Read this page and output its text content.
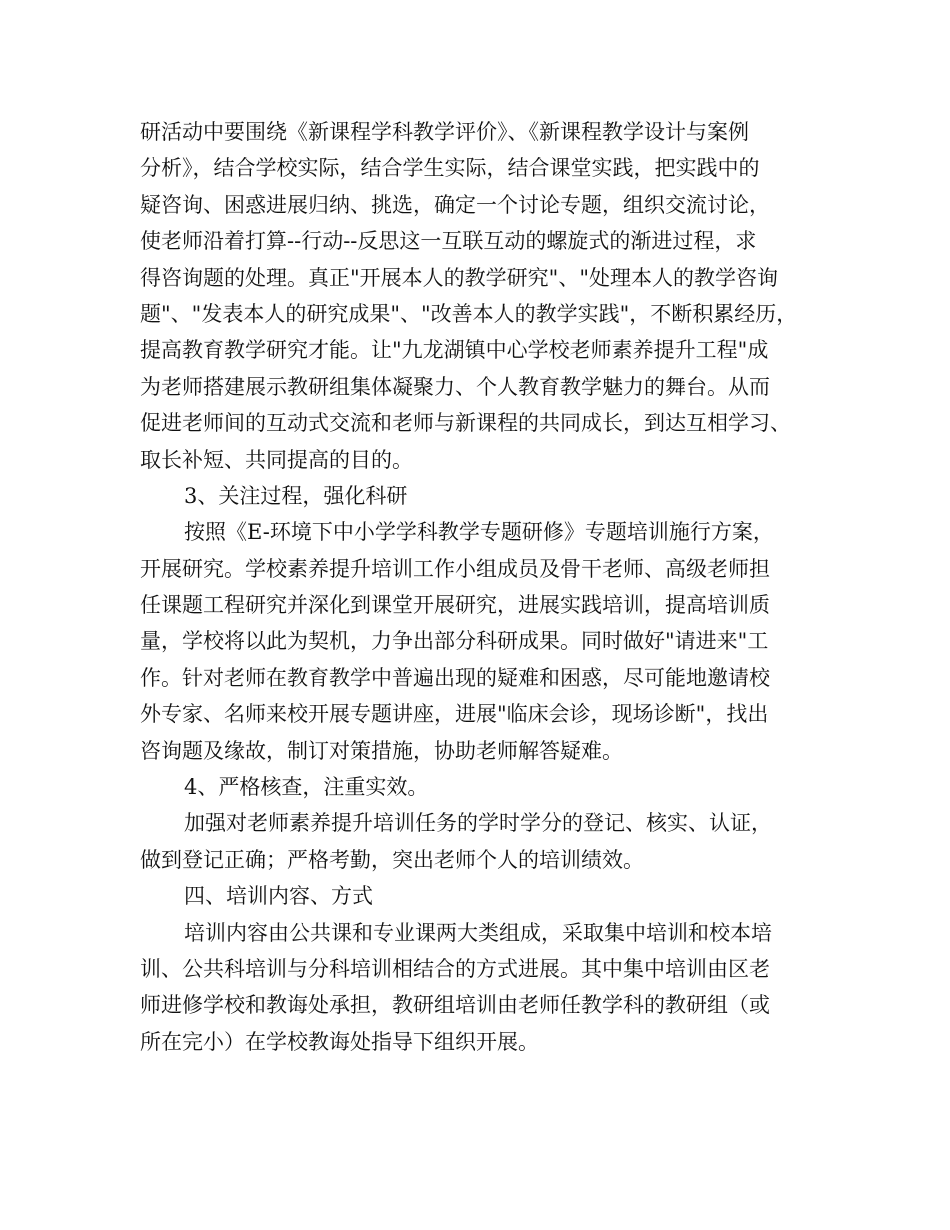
研活动中要围绕《新课程学科教学评价》、《新课程教学设计与案例
分析》，结合学校实际，结合学生实际，结合课堂实践，把实践中的
疑咨询、困惑进展归纳、挑选，确定一个讨论专题，组织交流讨论，
使老师沿着打算--行动--反思这一互联互动的螺旋式的渐进过程，求
得咨询题的处理。真正"开展本人的教学研究"、"处理本人的教学咨询
题"、"发表本人的研究成果"、"改善本人的教学实践"，不断积累经历，
提高教育教学研究才能。让"九龙湖镇中心学校老师素养提升工程"成
为老师搭建展示教研组集体凝聚力、个人教育教学魅力的舞台。从而
促进老师间的互动式交流和老师与新课程的共同成长，到达互相学习、
取长补短、共同提高的目的。
3、关注过程，强化科研
按照《E-环境下中小学学科教学专题研修》专题培训施行方案，
开展研究。学校素养提升培训工作小组成员及骨干老师、高级老师担
任课题工程研究并深化到课堂开展研究，进展实践培训，提高培训质
量，学校将以此为契机，力争出部分科研成果。同时做好"请进来"工
作。针对老师在教育教学中普遍出现的疑难和困惑，尽可能地邀请校
外专家、名师来校开展专题讲座，进展"临床会诊，现场诊断"，找出
咨询题及缘故，制订对策措施，协助老师解答疑难。
4、严格核查，注重实效。
加强对老师素养提升培训任务的学时学分的登记、核实、认证，
做到登记正确；严格考勤，突出老师个人的培训绩效。
四、培训内容、方式
培训内容由公共课和专业课两大类组成，采取集中培训和校本培
训、公共科培训与分科培训相结合的方式进展。其中集中培训由区老
师进修学校和教诲处承担，教研组培训由老师任教学科的教研组（或
所在完小）在学校教诲处指导下组织开展。
